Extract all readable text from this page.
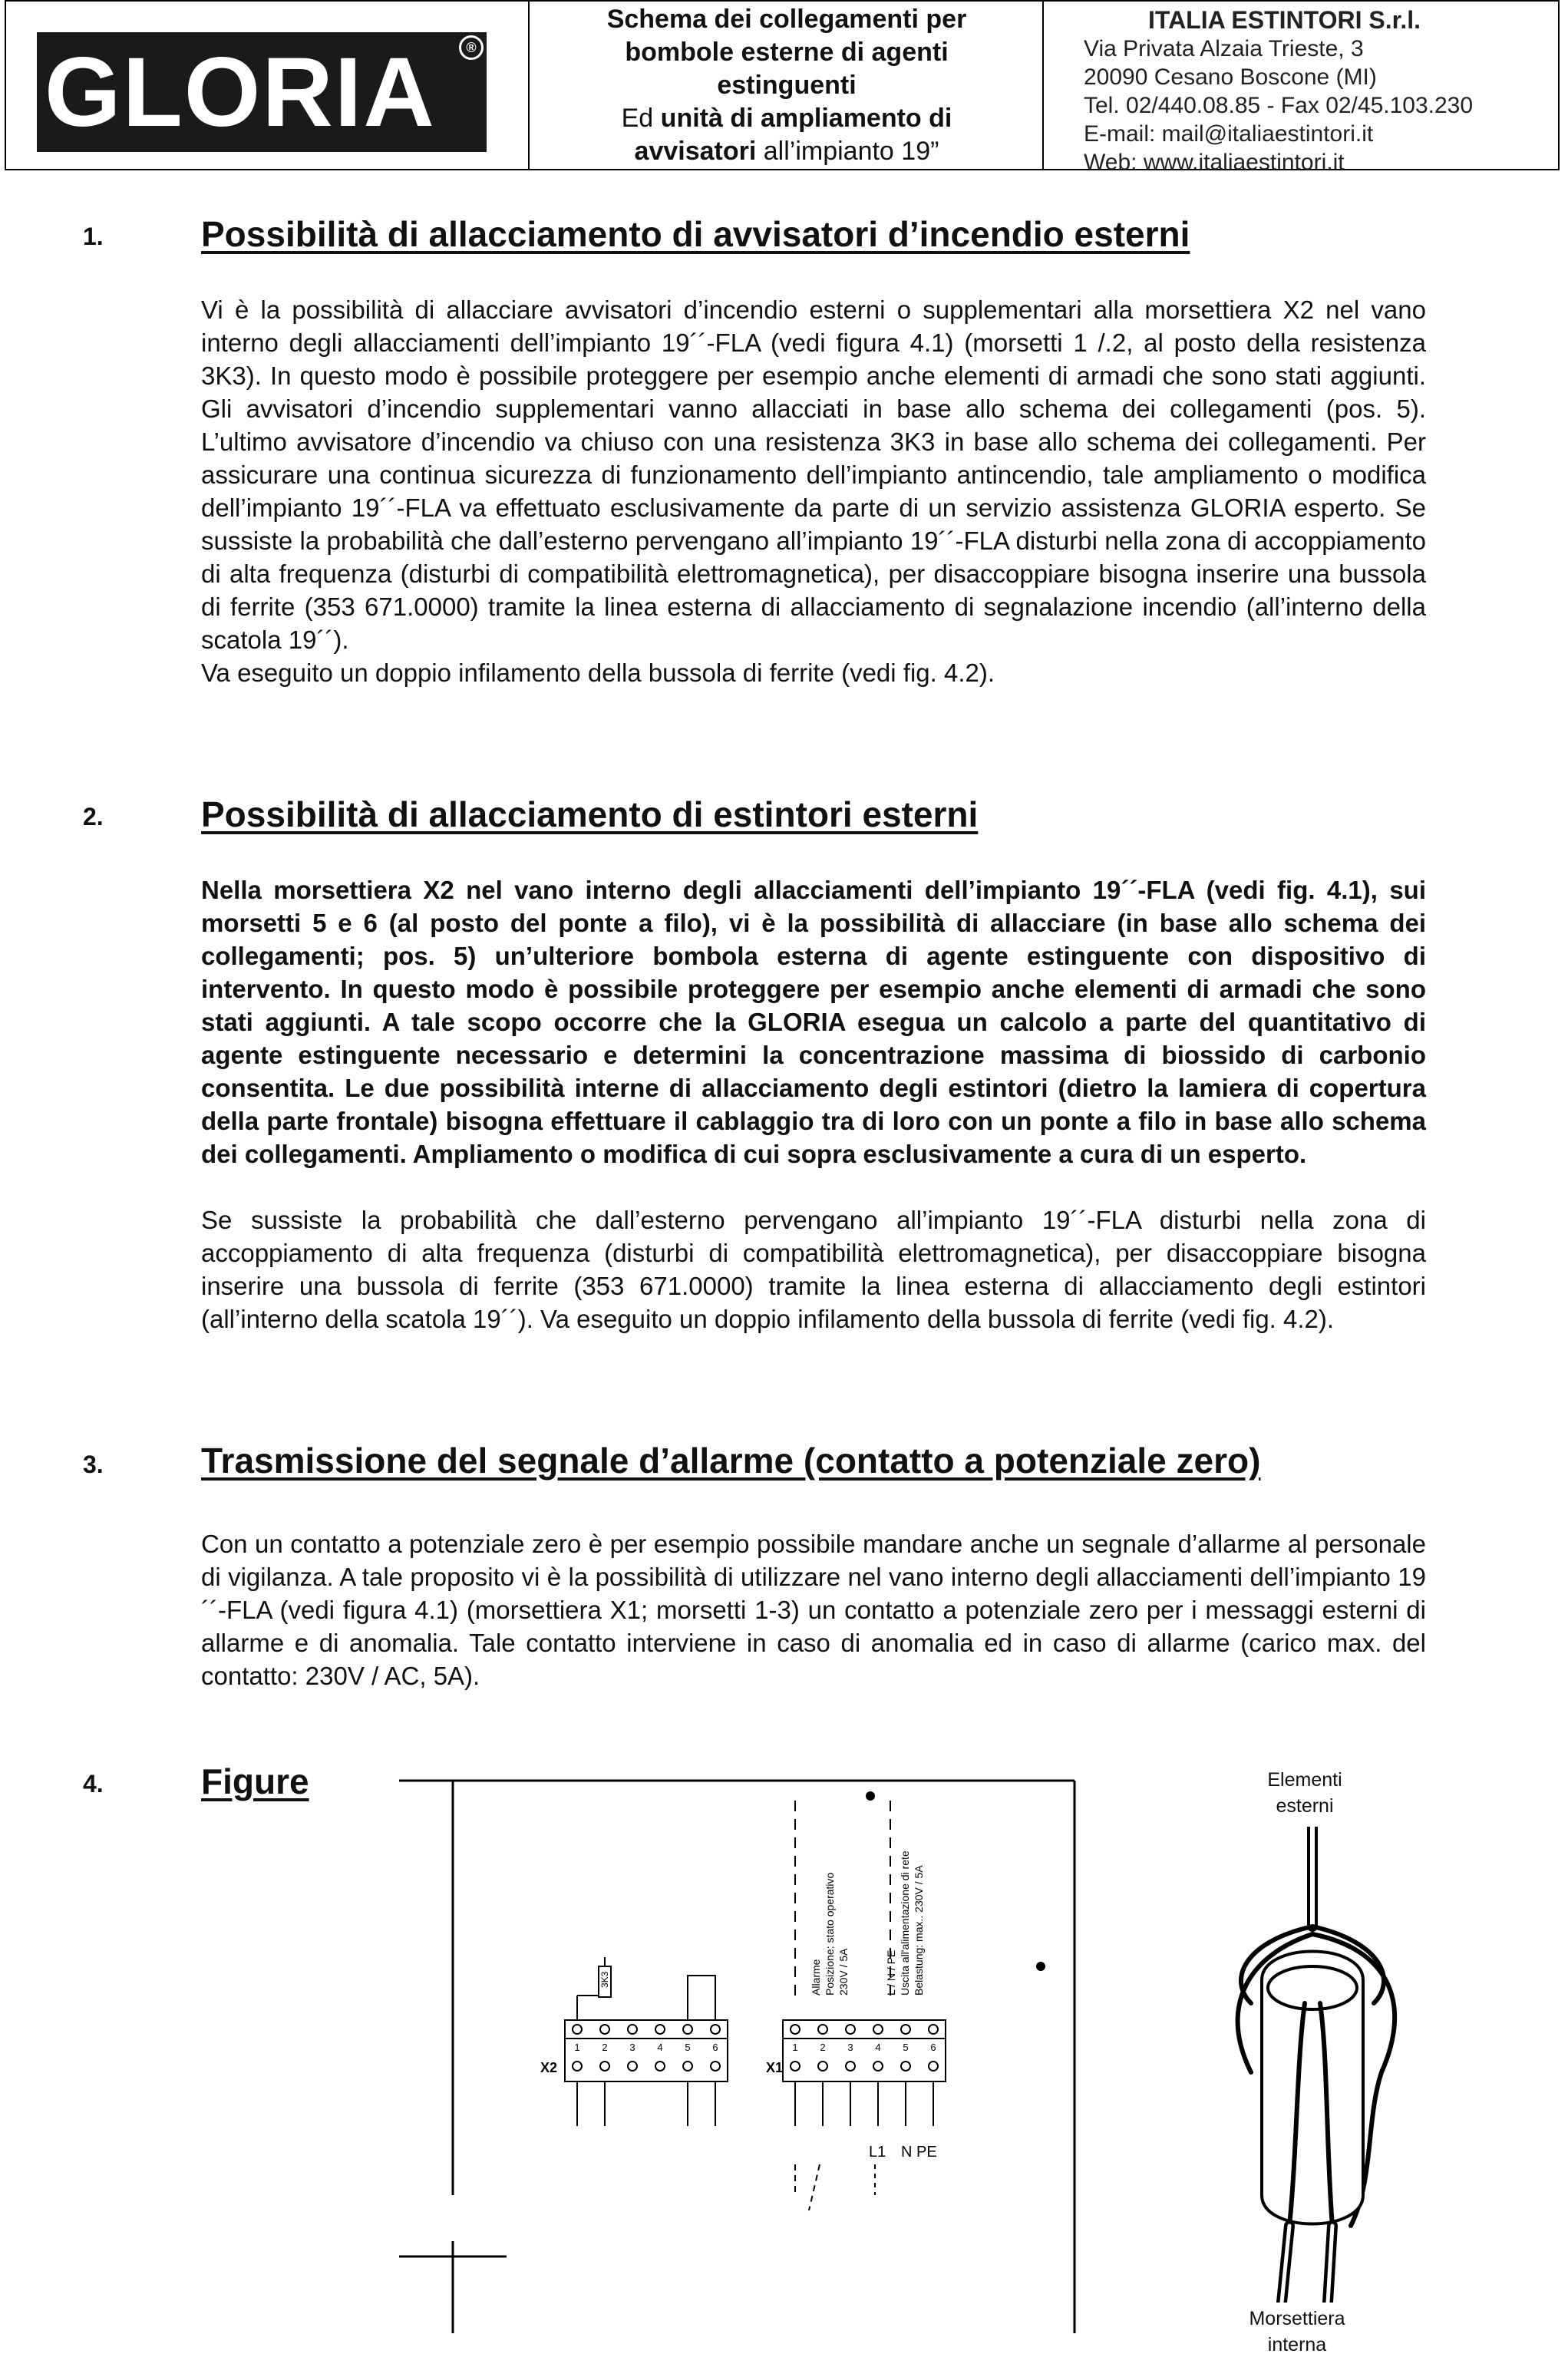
GLORIA	®
Schema dei collegamenti per
bombole esterne di agenti
estinguenti
Ed unità di ampliamento di
avvisatori all’impianto 19”
ITALIA ESTINTORI S.r.l.
Via Privata Alzaia Trieste, 3
20090 Cesano Boscone (MI)
Tel. 02/440.08.85 - Fax 02/45.103.230
E-mail: mail@italiaestintori.it
Web: www.italiaestintori.it
1.	Possibilità di allacciamento di avvisatori d’incendio esterni

Vi è la possibilità di allacciare avvisatori d’incendio esterni o supplementari alla morsettiera X2 nel vano interno degli allacciamenti dell’impianto 19´´-FLA (vedi figura 4.1) (morsetti 1 /.2, al posto della resistenza 3K3). In questo modo è possibile proteggere per esempio anche elementi di armadi che sono stati aggiunti. Gli avvisatori d’incendio supplementari vanno allacciati in base allo schema dei collegamenti (pos. 5). L’ultimo avvisatore d’incendio va chiuso con una resistenza 3K3 in base allo schema dei collegamenti. Per assicurare una continua sicurezza di funzionamento dell’impianto antincendio, tale ampliamento o modifica dell’impianto 19´´-FLA va effettuato esclusivamente da parte di un servizio assistenza GLORIA esperto. Se sussiste la probabilità che dall’esterno pervengano all’impianto 19´´-FLA disturbi nella zona di accoppiamento di alta frequenza (disturbi di compatibilità elettromagnetica), per disaccoppiare bisogna inserire una bussola di ferrite (353 671.0000) tramite la linea esterna di allacciamento di segnalazione incendio (all’interno della scatola 19´´).

Va eseguito un doppio infilamento della bussola di ferrite (vedi fig. 4.2).

2.	Possibilità di allacciamento di estintori esterni
Nella morsettiera X2 nel vano interno degli allacciamenti dell’impianto 19´´-FLA (vedi fig. 4.1), sui morsetti 5 e 6 (al posto del ponte a filo), vi è la possibilità di allacciare (in base allo schema dei collegamenti; pos. 5) un’ulteriore bombola esterna di agente estinguente con dispositivo di intervento. In questo modo è possibile proteggere per esempio anche elementi di armadi che sono stati aggiunti. A tale scopo occorre che la GLORIA esegua un calcolo a parte del quantitativo di agente estinguente necessario e determini la concentrazione massima di biossido di carbonio consentita. Le due possibilità interne di allacciamento degli estintori (dietro la lamiera di copertura della parte frontale) bisogna effettuare il cablaggio tra di loro con un ponte a filo in base allo schema dei collegamenti. Ampliamento o modifica di cui sopra esclusivamente a cura di un esperto.
Se sussiste la probabilità che dall’esterno pervengano all’impianto 19´´-FLA disturbi nella zona di accoppiamento di alta frequenza (disturbi di compatibilità elettromagnetica), per disaccoppiare bisogna inserire una bussola di ferrite (353 671.0000) tramite la linea esterna di allacciamento degli estintori (all’interno della scatola 19´´). Va eseguito un doppio infilamento della bussola di ferrite (vedi fig. 4.2).
3.	Trasmissione del segnale d’allarme (contatto a potenziale zero)
Con un contatto a potenziale zero è per esempio possibile mandare anche un segnale d’allarme al personale di vigilanza. A tale proposito vi è la possibilità di utilizzare nel vano interno degli allacciamenti dell’impianto 19´´-FLA (vedi figura 4.1) (morsettiera X1; morsetti 1-3) un contatto a potenziale zero per i messaggi esterni di allarme e di anomalia. Tale contatto interviene in caso di anomalia ed in caso di allarme (carico max. del contatto: 230V / AC, 5A).
4.	Figure
3K3
X2
1 2 3 4 5 6
X1
1 2 3 4 5 6
Allarme Posizione: stato operativo 230V / 5A	L / N / PE Uscita all'alimentazione di rete Belastung: max.. 230V / 5A
L1 N PE
Elementi esterni
Morsettiera interna
